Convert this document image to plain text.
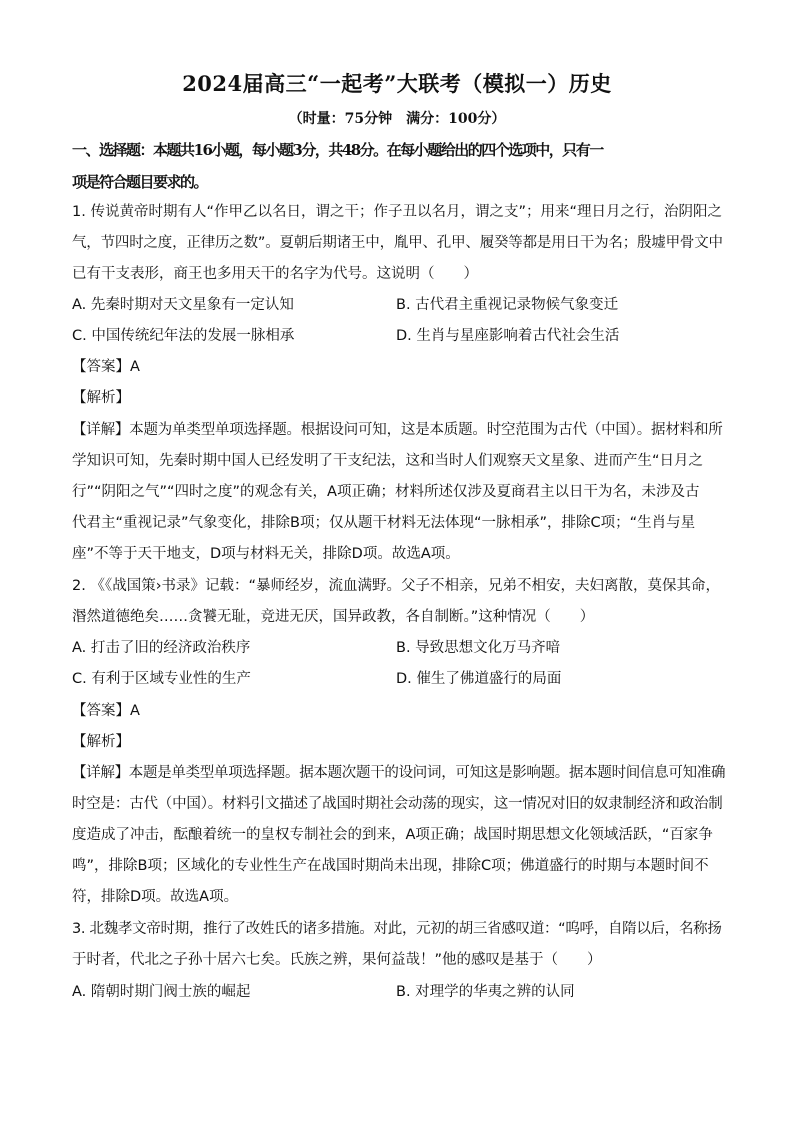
2024届高三“一起考”大联考（模拟一）历史
（时量：75分钟　满分：100分）
一、选择题：本题共16小题，每小题3分，共48分。在每小题给出的四个选项中，只有一
项是符合题目要求的。
1. 传说黄帝时期有人“作甲乙以名日，谓之干；作子丑以名月，谓之支”；用来“理日月之行，治阴阳之
气，节四时之度，正律历之数”。夏朝后期诸王中，胤甲、孔甲、履癸等都是用日干为名；殷墟甲骨文中
已有干支表形，商王也多用天干的名字为代号。这说明（　　）
A. 先秦时期对天文星象有一定认知	B. 古代君主重视记录物候气象变迁
C. 中国传统纪年法的发展一脉相承	D. 生肖与星座影响着古代社会生活
【答案】A
【解析】
【详解】本题为单类型单项选择题。根据设问可知，这是本质题。时空范围为古代（中国）。据材料和所
学知识可知，先秦时期中国人已经发明了干支纪法，这和当时人们观察天文星象、进而产生“日月之
行”“阴阳之气”“四时之度”的观念有关，A项正确；材料所述仅涉及夏商君主以日干为名，未涉及古
代君主“重视记录”气象变化，排除B项；仅从题干材料无法体现“一脉相承”，排除C项；“生肖与星
座”不等于天干地支，D项与材料无关，排除D项。故选A项。
2. 《《战国策›书录》记载：“暴师经岁，流血满野。父子不相亲，兄弟不相安，夫妇离散，莫保其命，
湣然道德绝矣……贪饕无耻，竞进无厌，国异政教，各自制断。”这种情况（　　）
A. 打击了旧的经济政治秩序	B. 导致思想文化万马齐喑
C. 有利于区域专业性的生产	D. 催生了佛道盛行的局面
【答案】A
【解析】
【详解】本题是单类型单项选择题。据本题次题干的设问词，可知这是影响题。据本题时间信息可知准确
时空是：古代（中国）。材料引文描述了战国时期社会动荡的现实，这一情况对旧的奴隶制经济和政治制
度造成了冲击，酝酿着统一的皇权专制社会的到来，A项正确；战国时期思想文化领域活跃，“百家争
鸣”，排除B项；区域化的专业性生产在战国时期尚未出现，排除C项；佛道盛行的时期与本题时间不
符，排除D项。故选A项。
3. 北魏孝文帝时期，推行了改姓氏的诸多措施。对此，元初的胡三省感叹道：“呜呼，自隋以后，名称扬
于时者，代北之子孙十居六七矣。氏族之辨，果何益哉！”他的感叹是基于（　　）
A. 隋朝时期门阀士族的崛起	B. 对理学的华夷之辨的认同
